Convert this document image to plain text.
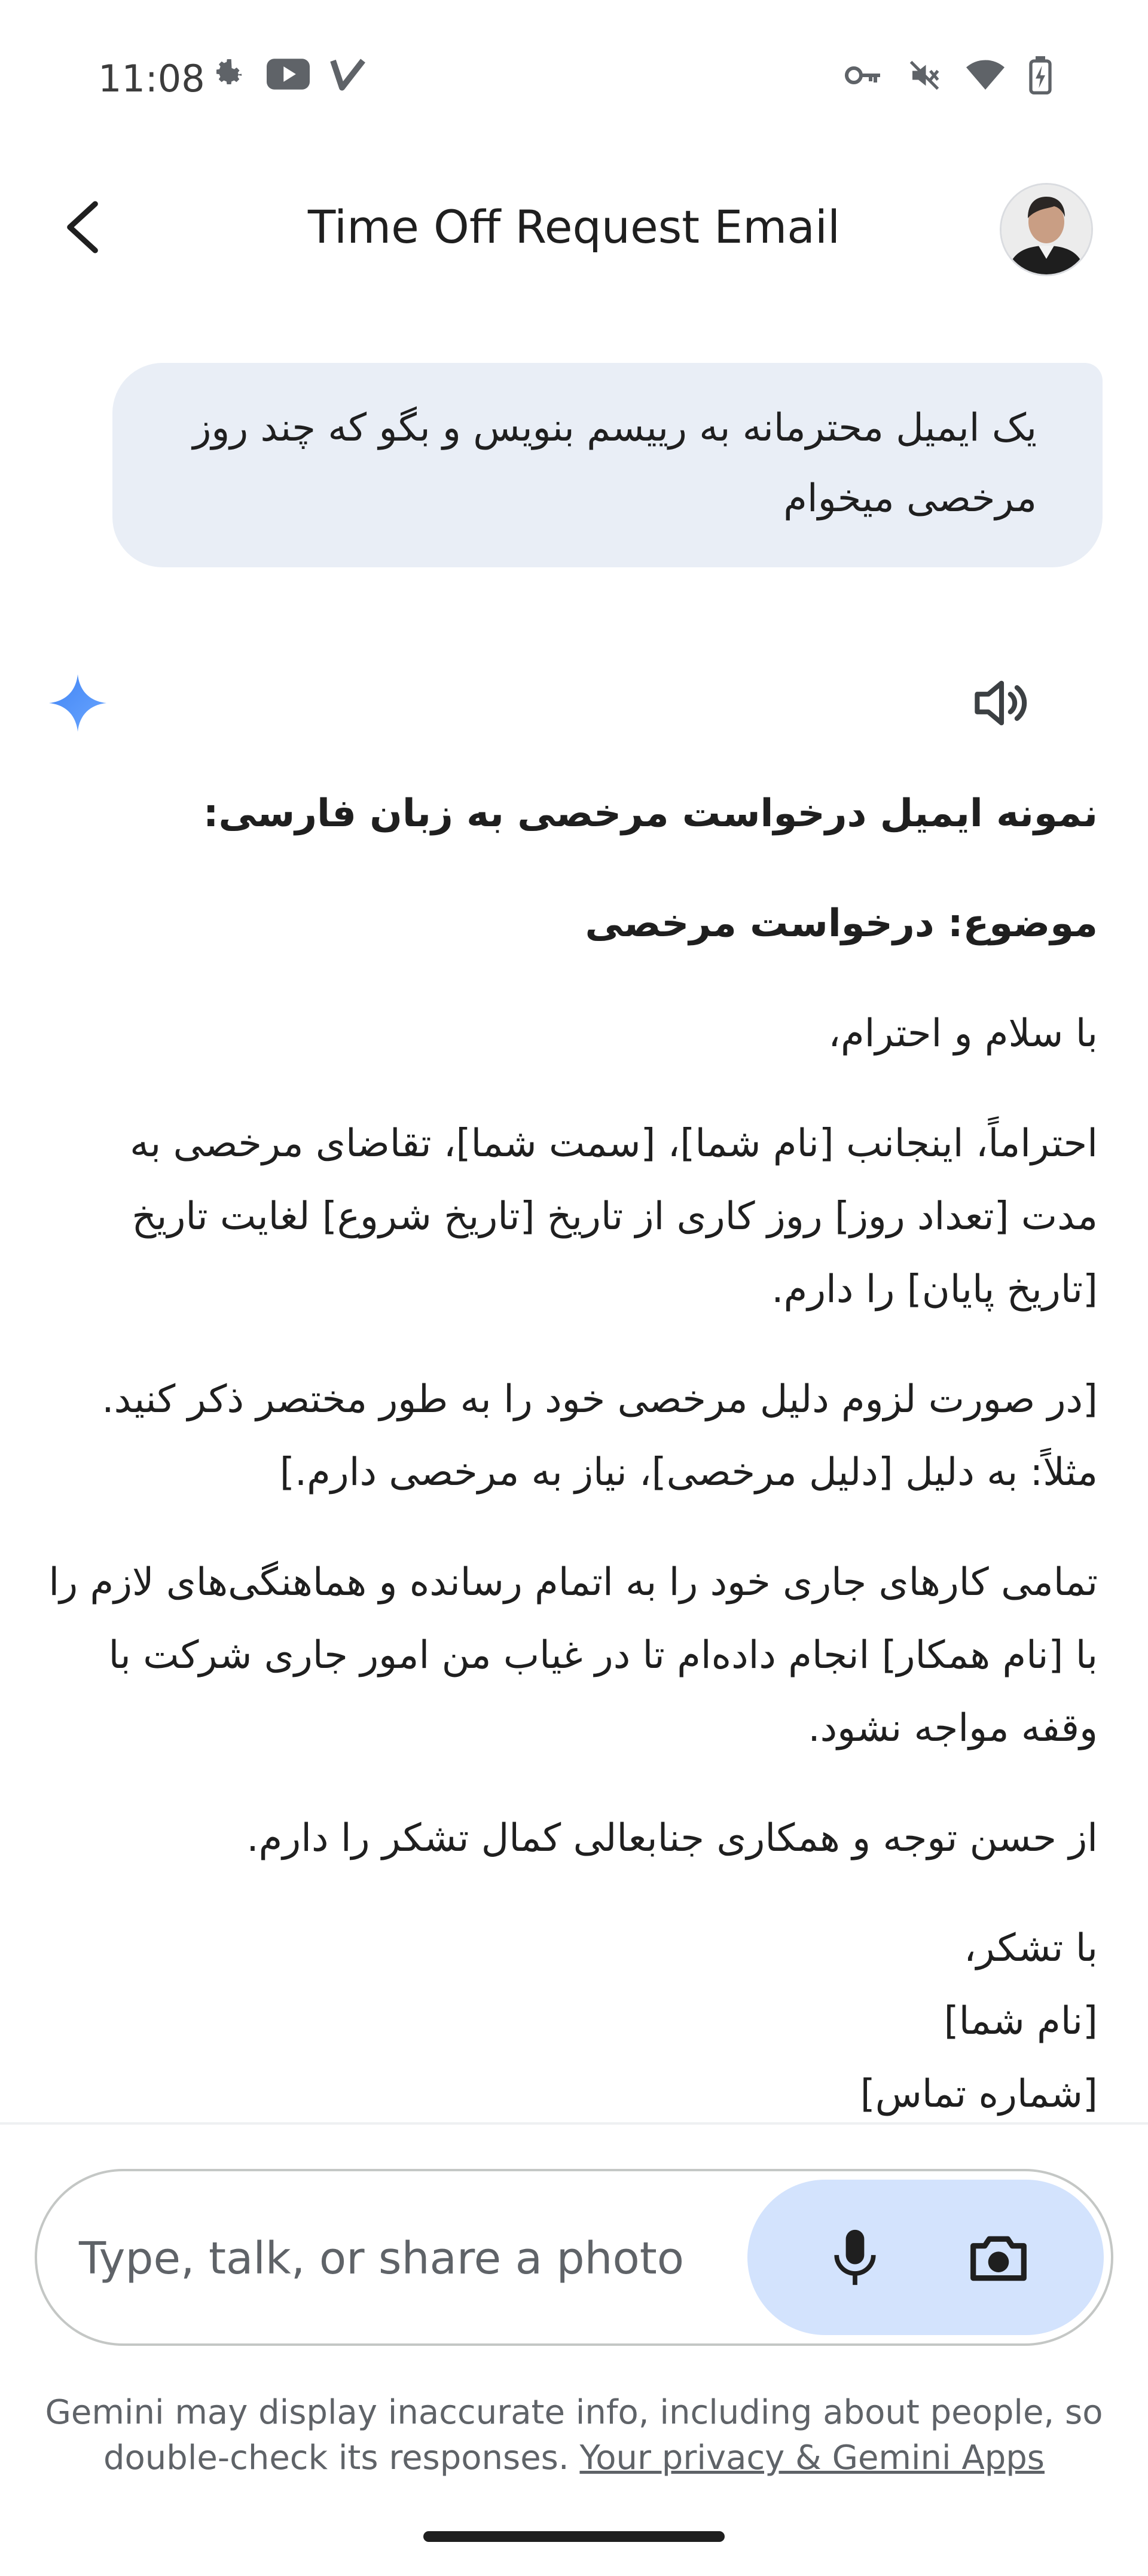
11:08
Time Off Request Email
یک ایمیل محترمانه به رییسم بنویس و بگو که چند روز مرخصی میخوام

نمونه ایمیل درخواست مرخصی به زبان فارسی:

موضوع: درخواست مرخصی

با سلام و احترام،

احتراماً، اینجانب [نام شما]، [سمت شما]، تقاضای مرخصی به مدت [تعداد روز] روز کاری از تاریخ [تاریخ شروع] لغایت تاریخ [تاریخ پایان] را دارم.

[در صورت لزوم دلیل مرخصی خود را به طور مختصر ذکر کنید. مثلاً: به دلیل [دلیل مرخصی]، نیاز به مرخصی دارم.]

تمامی کارهای جاری خود را به اتمام رسانده و هماهنگی‌های لازم را با [نام همکار] انجام داده‌ام تا در غیاب من امور جاری شرکت با وقفه مواجه نشود.

از حسن توجه و همکاری جنابعالی کمال تشکر را دارم.

با تشکر،

[نام شما]

[شماره تماس]

Type, talk, or share a photo
Gemini may display inaccurate info, including about people, so
double-check its responses. Your privacy & Gemini Apps
